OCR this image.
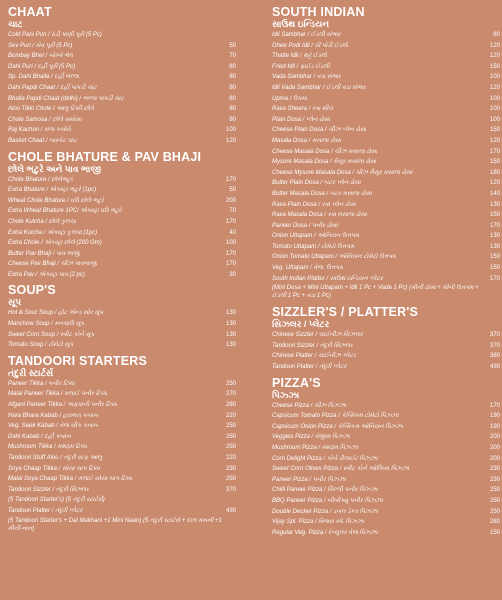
CHAAT
ચાટ
Cold Pani Puri / ઠંડી પાણી પૂરી (5 Pc)
Sev Puri / સેવ પૂરી (5 Pc)	50
Bombay Bhel / બોમ્બે ભેલ	70
Dahi Puri / દહીં પૂરી (5 Pc)	80
Sp. Dahi Bhalla / દહીં ભલ્લા	80
Dahi Papdi Chaat / દહીં પાપડી ચાટ	80
Bhalla Papdi Chaat (delhi) / ભલ્લા પાપડી ચાટ	80
Aloo Tikki Chole / આલુ ટિક્કી છોલે	80
Chole Samosa / છોલે સમોસા	80
Raj Kachori / રાજ કચોરી	100
Basket Chaat / બાસ્કેટ ચાટ	120
CHOLE BHATURE & PAV BHAJI
છોલે ભટુરે અને પાવ ભાજી
Chole Bhature / છોલેભટુરે	170
Extra Bhature / એક્સ્ટ્રા ભટુરે (1pc)	50
Wheat Chole Bhature / ઘઉં છોલે ભટુરે	200
Extra Wheat Bhature 1PC/ એક્સ્ટ્રા ઘઉં ભટુરે	70
Chole Kulcha / છોલે કુલચા	170
Extra Kulcha / એક્સ્ટ્રા કુલચા (1pc)	40
Extra Chole / એક્સ્ટ્રા છોલે (200 Gm)	100
Butter Pav Bhaji / પાવ ભાજી	170
Cheese Pav Bhaji / ચીઝ પાવભાજી	170
Extra Pav / એક્સ્ટ્રા પાવ (2 pc)	30
SOUP'S
સૂપ
Hot & Sour Soup / હોટ એન્ડ સોર સૂપ	130
Manchow Soup / મનચાઉ સૂપ	130
Sweet Corn Soup / સ્વીટ કોર્ન સૂપ	130
Tomato Soup / ટોમેટો સૂપ	130
TANDOORI STARTERS
તંદુરી સ્ટાર્ટર્સ
Paneer Tikka / પનીર ટિક્કા	250
Malai Paneer Tikka / મલાઈ પનીર ટિક્કા	270
Afgani Paneer Tikka / અફઘાની પનીર ટિક્કા	280
Hara Bhara Kabab / હરાભરા કબાબ	220
Veg. Seek Kabab / વેજ સીક કબાબ	250
Dahi Kabab / દહીં કબાબ	250
Mushroom Tikka / મશરૂમ ટિક્કા	250
Tandoori Stuff Aloo / તંદુરી સ્ટફ આલુ	220
Soya Chaap Tikka / સોયા ચાપ ટિક્કા	230
Malai Soya Chaap Tikka / મલાઈ સોયા ચાપ ટિક્કા	250
Tandoori Sizzler / તંદુરી સિઝલર	370
(5 Tandoori Starter's) (5 તંદુરી સ્ટાર્ટર્સ)
Tandoori Platter / તંદુરી પ્લેટર	430
(5 Tandoori Starter's + Dal Makhani +1 Mini Naan) (5 તંદુરી સ્ટાર્ટર્સ + દાલ મખની +1 મીની નાન)
SOUTH INDIAN
સાઉથ ઇન્ડિયન
Idli Sambhar / ઈડલી સંભાર	80
Ghee Podi Idli / ઘી પોડી ઈડલી	120
Thatte Idli / થટ્ટે ઈડલી	120
Fried Idli / ફ્રાઈડ ઈડલી	150
Vada Sambhar / વડા સંભાર	100
Idli Vada Sambhar / ઈડલી વડા સંભાર	120
Upma / ઉપમા	100
Rava Sheera / રવા શીરા	100
Plain Dosa / પ્લેન ઢોસા	100
Cheese Plain Dosa / ચીઝ પ્લેન ઢોસા	150
Masala Dosa / મસાલા ઢોસા	120
Cheese Masala Dosa / ચીઝ મસાલા ઢોસા	170
Mysore Masala Dosa / મૈસૂર મસાલા ઢોસા	150
Cheese Mysore Masala Dosa / ચીઝ મૈસૂર મસાલા ઢોસા	180
Butter Plain Dosa / બટર પ્લેન ઢોસા	120
Butter Masala Dosa / બટર મસાલા ઢોસા	140
Rava Plain Dosa / રવા પ્લેન ઢોસા	130
Rava Masala Dosa / રવા મસાલા ઢોસા	150
Paneer Dosa / પનીર ઢોસા	170
Onion Uttapam / ઓનિયન ઉત્તપમ	130
Tomato Uttapam / ટોમેટો ઉત્તપમ	130
Onion Tomato Uttapam / ઓનિયન ટોમેટો ઉત્તપમ	150
Veg. Uttapam / વેજ. ઉત્તપમ	150
South Indian Platter / સાઉથ ઇન્ડિયન પ્લેટર	170
(Mini Dosa + Mini Uttapam + Idli 1 Pc + Vada 1 Pc) (મીની ઢોસા + મીની ઉત્તપમ + ઈડલી 1 Pc + વડા 1 Pc)
SIZZLER'S / PLATTER'S
સિઝલર / પ્લેટર
Chinese Sizzler / ચાઈનીઝ સિઝલર	370
Tandoori Sizzler / તંદુરી સિઝલર	370
Chinese Platter / ચાઈનીઝ પ્લેટર	380
Tandoori Platter / તંદુરી પ્લેટર	430
PIZZA'S
પિઝ્ઝા
Cheese Pizza / ચીઝ પિઝ્ઝા	170
Capsicum Tomato Pizza / કેપ્સિકમ ટોમેટો પિઝ્ઝા	190
Capsicum Onion Pizza / કેપ્સિકમ ઓનિયન પિઝ્ઝા	190
Veggies Pizza / વેજીસ પિઝ્ઝા	200
Mushroom Pizza / મશરૂમ પિઝ્ઝા	200
Corn Delight Pizza / કોર્ન ડીલાઈટ પિઝ્ઝા	200
Sweet Corn Olives Pizza / સ્વીટ કોર્ન ઓલિવ્સ પિઝ્ઝા	230
Paneer Pizza / પનીર પિઝ્ઝા	230
Chilli Paneer Pizza / ચિલ્લી પનીર પિઝ્ઝા	250
BBQ Paneer Pizza / બીબીક્યુ પનીર પિઝ્ઝા	250
Double Decker Pizza / ડબલ ડેકર પિઝ્ઝા	250
Vijay Spl. Pizza / વિજય સ્પે. પિઝ્ઝા	280
Regular Veg. Pizza / રેગ્યુલર વેજ પિઝ્ઝા	150
